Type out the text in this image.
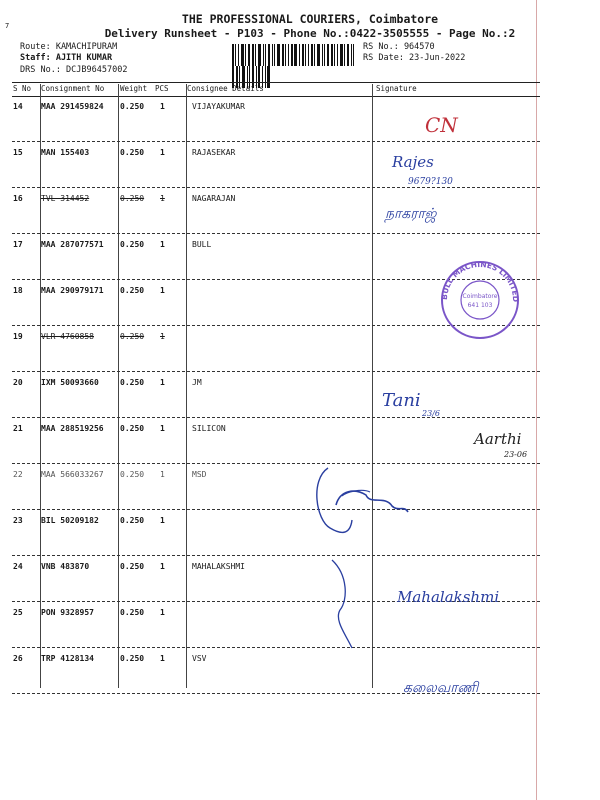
7	THE PROFESSIONAL COURIERS, Coimbatore
Delivery Runsheet - P103 - Phone No.:0422-3505555 - Page No.:2
Route: KAMACHIPURAM
Staff: AJITH KUMAR
DRS No.: DCJB96457002
RS No.: 964570
RS Date: 23-Jun-2022
S No Consignment No Weight PCS Consignee Details	Signature
14 MAA 291459824 0.250 1	VIJAYAKUMAR
15 MAN 155403	0.250 1	RAJASEKAR
16 TVL 314452	0.250 1	NAGARAJAN
17 MAA 287077571 0.250 1	BULL
18 MAA 290979171 0.250 1
19 VLR 4760858	0.250 1
20 IXM 50093660	0.250 1	JM
21 MAA 288519256 0.250 1	SILICON
22 MAA 566033267 0.250 1	MSD
23 BIL 50209182	0.250 1
24 VNB 483870	0.250 1	MAHALAKSHMI
25 PON 9328957	0.250 1
26 TRP 4128134	0.250 1	VSV
CN
Rajes
9679?130
நாகராஜ்
BULL MACHINES LIMITED
Coimbatore
641 103
Tani
23/6
Aarthi
23-06
Mahalakshmi
கலைவாணி
